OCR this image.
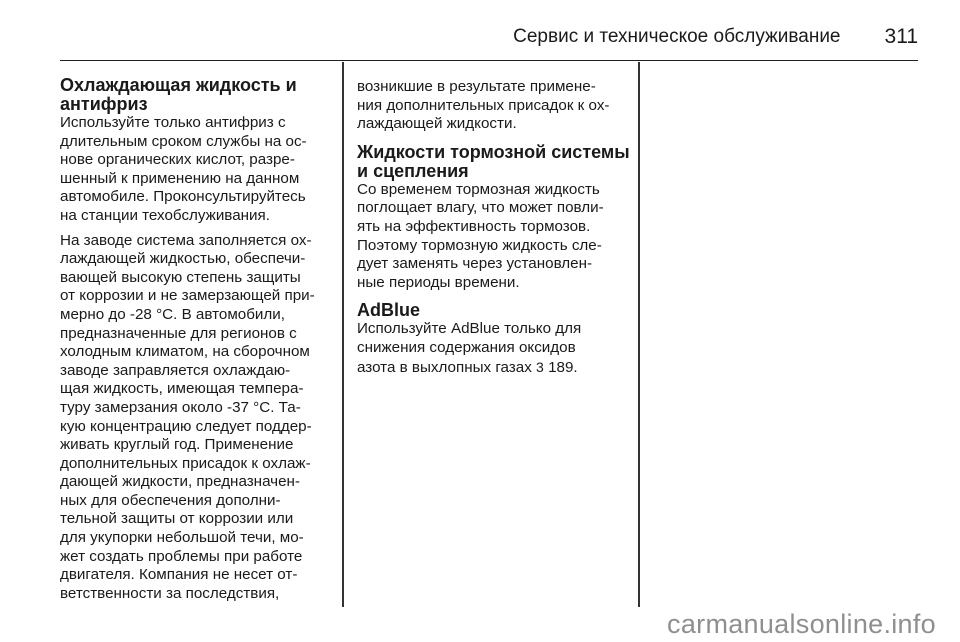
Сервис и техническое обслуживание 311
Охлаждающая жидкость и
антифриз
Используйте только антифриз с
длительным сроком службы на ос-
нове органических кислот, разре-
шенный к применению на данном
автомобиле. Проконсультируйтесь
на станции техобслуживания.
На заводе система заполняется ох-
лаждающей жидкостью, обеспечи-
вающей высокую степень защиты
от коррозии и не замерзающей при-
мерно до -28 °C. В автомобили,
предназначенные для регионов с
холодным климатом, на сборочном
заводе заправляется охлаждаю-
щая жидкость, имеющая темпера-
туру замерзания около -37 °C. Та-
кую концентрацию следует поддер-
живать круглый год. Применение
дополнительных присадок к охлаж-
дающей жидкости, предназначен-
ных для обеспечения дополни-
тельной защиты от коррозии или
для укупорки небольшой течи, мо-
жет создать проблемы при работе
двигателя. Компания не несет от-
ветственности за последствия,
возникшие в результате примене-
ния дополнительных присадок к ох-
лаждающей жидкости.
Жидкости тормозной системы
и сцепления
Со временем тормозная жидкость
поглощает влагу, что может повли-
ять на эффективность тормозов.
Поэтому тормозную жидкость сле-
дует заменять через установлен-
ные периоды времени.
AdBlue
Используйте AdBlue только для
снижения содержания оксидов
азота в выхлопных газах 3 189.
carmanualsonline.info
